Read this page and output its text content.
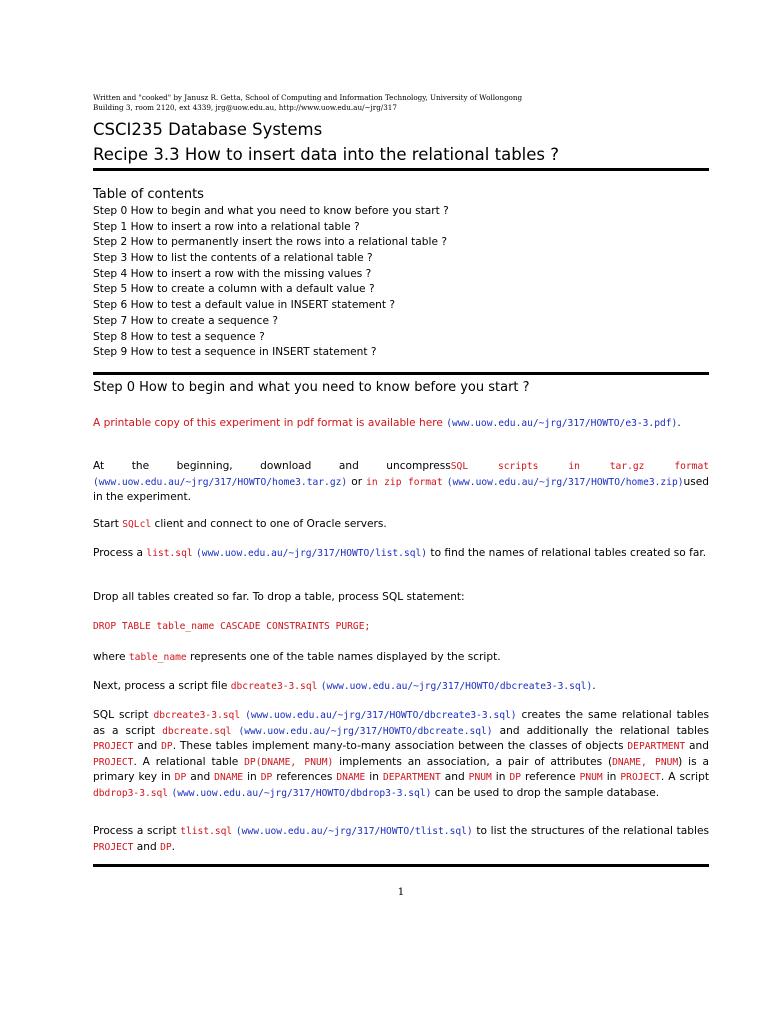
Written and "cooked" by Janusz R. Getta, School of Computing and Information Technology, University of Wollongong
Building 3, room 2120, ext 4339, jrg@uow.edu.au, http://www.uow.edu.au/~jrg/317
CSCI235 Database Systems
Recipe 3.3 How to insert data into the relational tables ?
Table of contents
Step 0 How to begin and what you need to know before you start ?
Step 1 How to insert a row into a relational table ?
Step 2 How to permanently insert the rows into a relational table ?
Step 3 How to list the contents of a relational table ?
Step 4 How to insert a row with the missing values ?
Step 5 How to create a column with a default value ?
Step 6 How to test a default value in INSERT statement ?
Step 7 How to create a sequence ?
Step 8 How to test a sequence ?
Step 9 How to test a sequence in INSERT statement ?
Step 0 How to begin and what you need to know before you start ?
A printable copy of this experiment in pdf format is available here (www.uow.edu.au/~jrg/317/HOWTO/e3-3.pdf).
At the beginning, download and uncompressSQL scripts in tar.gz format (www.uow.edu.au/~jrg/317/HOWTO/home3.tar.gz) or in zip format (www.uow.edu.au/~jrg/317/HOWTO/home3.zip)used in the experiment.
Start SQLcl client and connect to one of Oracle servers.
Process a list.sql (www.uow.edu.au/~jrg/317/HOWTO/list.sql) to find the names of relational tables created so far.
Drop all tables created so far. To drop a table, process SQL statement:
DROP TABLE table_name CASCADE CONSTRAINTS PURGE;
where table_name represents one of the table names displayed by the script.
Next, process a script file dbcreate3-3.sql (www.uow.edu.au/~jrg/317/HOWTO/dbcreate3-3.sql).
SQL script dbcreate3-3.sql (www.uow.edu.au/~jrg/317/HOWTO/dbcreate3-3.sql) creates the same relational tables as a script dbcreate.sql (www.uow.edu.au/~jrg/317/HOWTO/dbcreate.sql) and additionally the relational tables PROJECT and DP. These tables implement many-to-many association between the classes of objects DEPARTMENT and PROJECT. A relational table DP(DNAME, PNUM) implements an association, a pair of attributes (DNAME, PNUM) is a primary key in DP and DNAME in DP references DNAME in DEPARTMENT and PNUM in DP reference PNUM in PROJECT. A script dbdrop3-3.sql (www.uow.edu.au/~jrg/317/HOWTO/dbdrop3-3.sql) can be used to drop the sample database.
Process a script tlist.sql (www.uow.edu.au/~jrg/317/HOWTO/tlist.sql) to list the structures of the relational tables PROJECT and DP.
1
